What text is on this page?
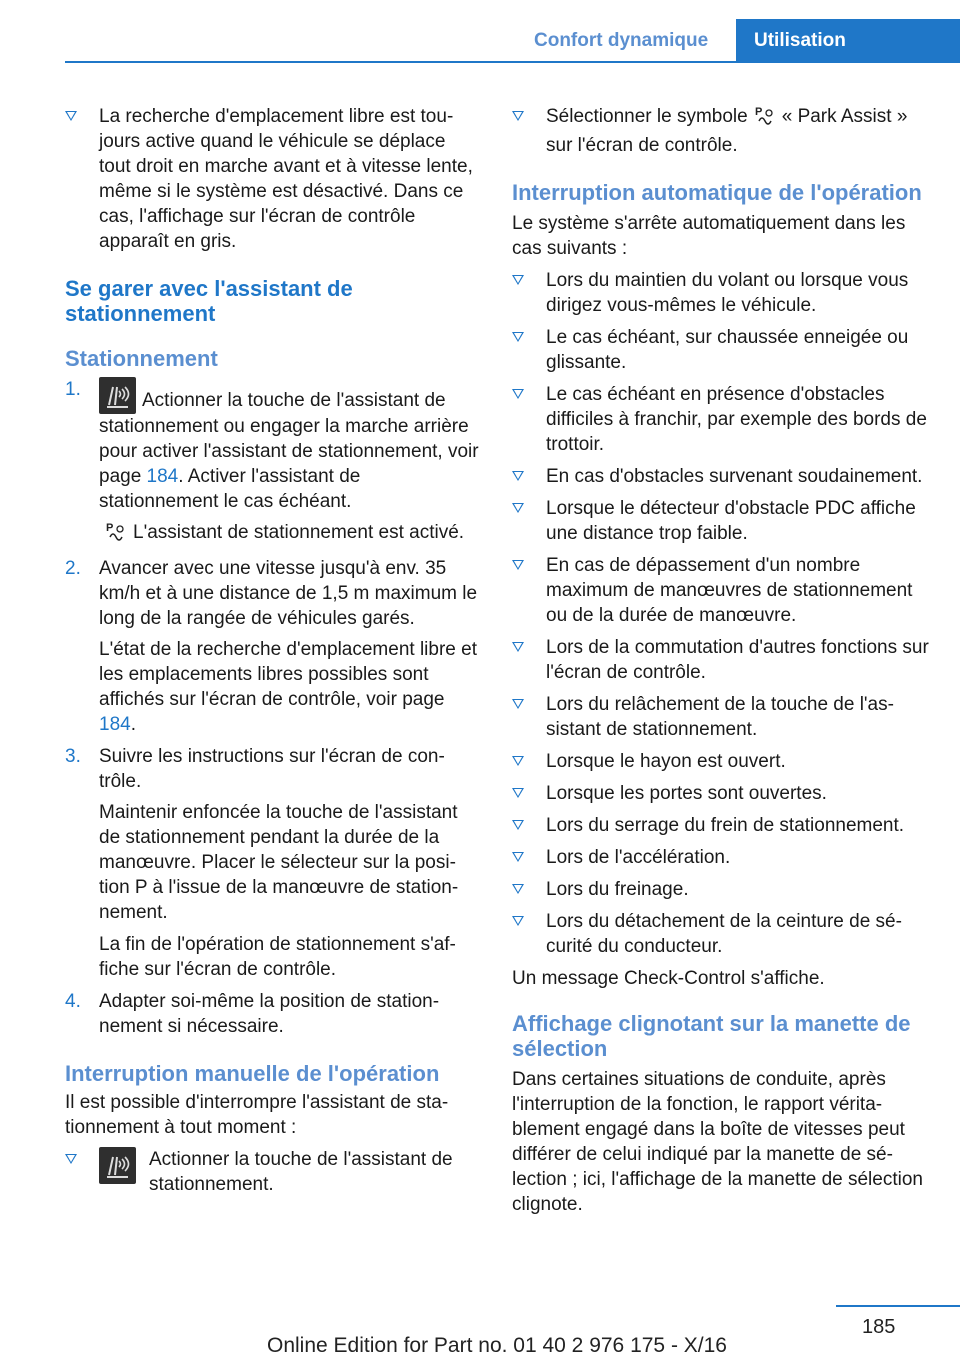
Confort dynamique	Utilisation
La recherche d'emplacement libre est toujours active quand le véhicule se déplace tout droit en marche avant et à vitesse lente, même si le système est désactivé. Dans ce cas, l'affichage sur l'écran de contrôle apparaît en gris.
Se garer avec l'assistant de stationnement
Stationnement
1.
Actionner la touche de l'assistant de stationnement ou engager la marche arrière pour activer l'assistant de stationnement, voir page 184. Activer l'assistant de stationnement le cas échéant.

P L'assistant de stationnement est activé.

2. Avancer avec une vitesse jusqu'à env. 35 km/h et à une distance de 1,5 m maximum le long de la rangée de véhicules garés.

L'état de la recherche d'emplacement libre et les emplacements libres possibles sont affichés sur l'écran de contrôle, voir page 184.

3. Suivre les instructions sur l'écran de contrôle.

Maintenir enfoncée la touche de l'assistant de stationnement pendant la durée de la manœuvre. Placer le sélecteur sur la position P à l'issue de la manœuvre de stationnement.

La fin de l'opération de stationnement s'affiche sur l'écran de contrôle.

4. Adapter soi-même la position de stationnement si nécessaire.
Interruption manuelle de l'opération

Il est possible d'interrompre l'assistant de stationnement à tout moment :

Actionner la touche de l'assistant de stationnement.
Sélectionner le symbole P « Park Assist » sur l'écran de contrôle.
Interruption automatique de l'opération

Le système s'arrête automatiquement dans les cas suivants :

Lors du maintien du volant ou lorsque vous dirigez vous-mêmes le véhicule.
Le cas échéant, sur chaussée enneigée ou glissante.
Le cas échéant en présence d'obstacles difficiles à franchir, par exemple des bords de trottoir.
En cas d'obstacles survenant soudainement.
Lorsque le détecteur d'obstacle PDC affiche une distance trop faible.
En cas de dépassement d'un nombre maximum de manœuvres de stationnement ou de la durée de manœuvre.
Lors de la commutation d'autres fonctions sur l'écran de contrôle.
Lors du relâchement de la touche de l'assistant de stationnement.
Lorsque le hayon est ouvert.
Lorsque les portes sont ouvertes.
Lors du serrage du frein de stationnement.
Lors de l'accélération.
Lors du freinage.
Lors du détachement de la ceinture de sécurité du conducteur.

Un message Check-Control s'affiche.

Affichage clignotant sur la manette de sélection

Dans certaines situations de conduite, après l'interruption de la fonction, le rapport véritablement engagé dans la boîte de vitesses peut différer de celui indiqué par la manette de sélection ; ici, l'affichage de la manette de sélection clignote.

185
Online Edition for Part no. 01 40 2 976 175 - X/16
